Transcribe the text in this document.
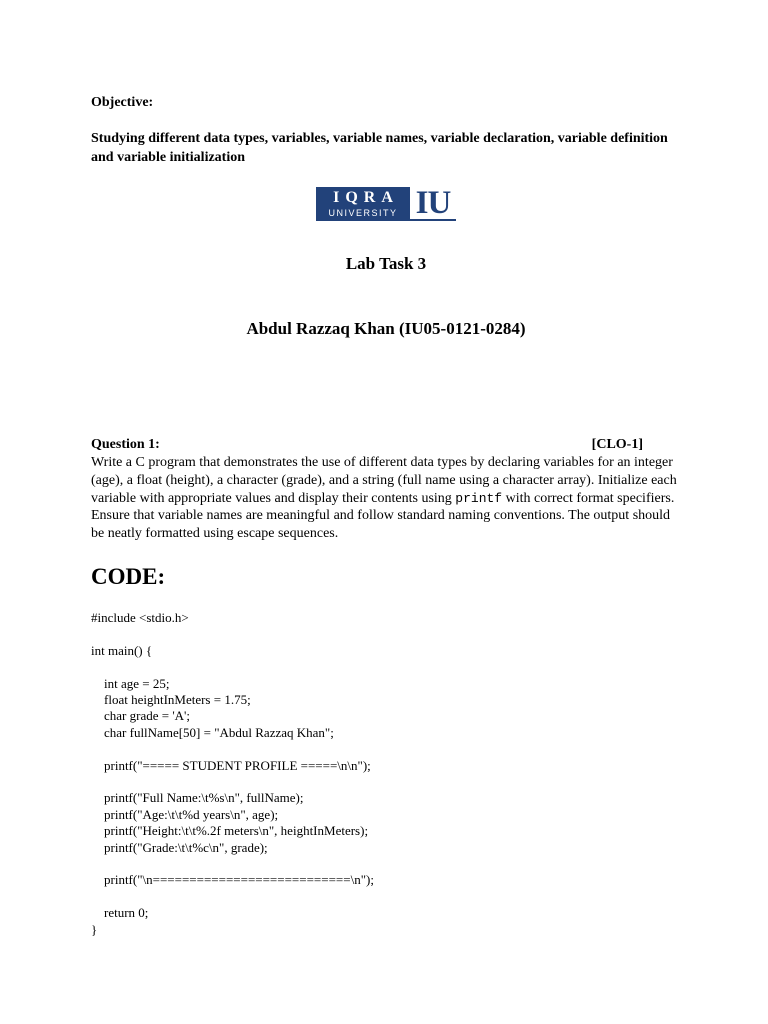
Objective:

Studying different data types, variables, variable names, variable declaration, variable definition and variable initialization

IQRA
UNIVERSITY IU
Lab Task 3
Abdul Razzaq Khan (IU05-0121-0284)
Question 1:	[CLO-1]

Write a C program that demonstrates the use of different data types by declaring variables for an integer (age), a float (height), a character (grade), and a string (full name using a character array). Initialize each variable with appropriate values and display their contents using printf with correct format specifiers. Ensure that variable names are meaningful and follow standard naming conventions. The output should be neatly formatted using escape sequences.

CODE:
#include <stdio.h>
int main() {
int age = 25;
float heightInMeters = 1.75;
char grade = 'A';
char fullName[50] = "Abdul Razzaq Khan";
printf("===== STUDENT PROFILE =====\n\n");
printf("Full Name:\t%s\n", fullName);
printf("Age:\t\t%d years\n", age);
printf("Height:\t\t%.2f meters\n", heightInMeters);
printf("Grade:\t\t%c\n", grade);
printf("\n===========================\n");
return 0;
}
